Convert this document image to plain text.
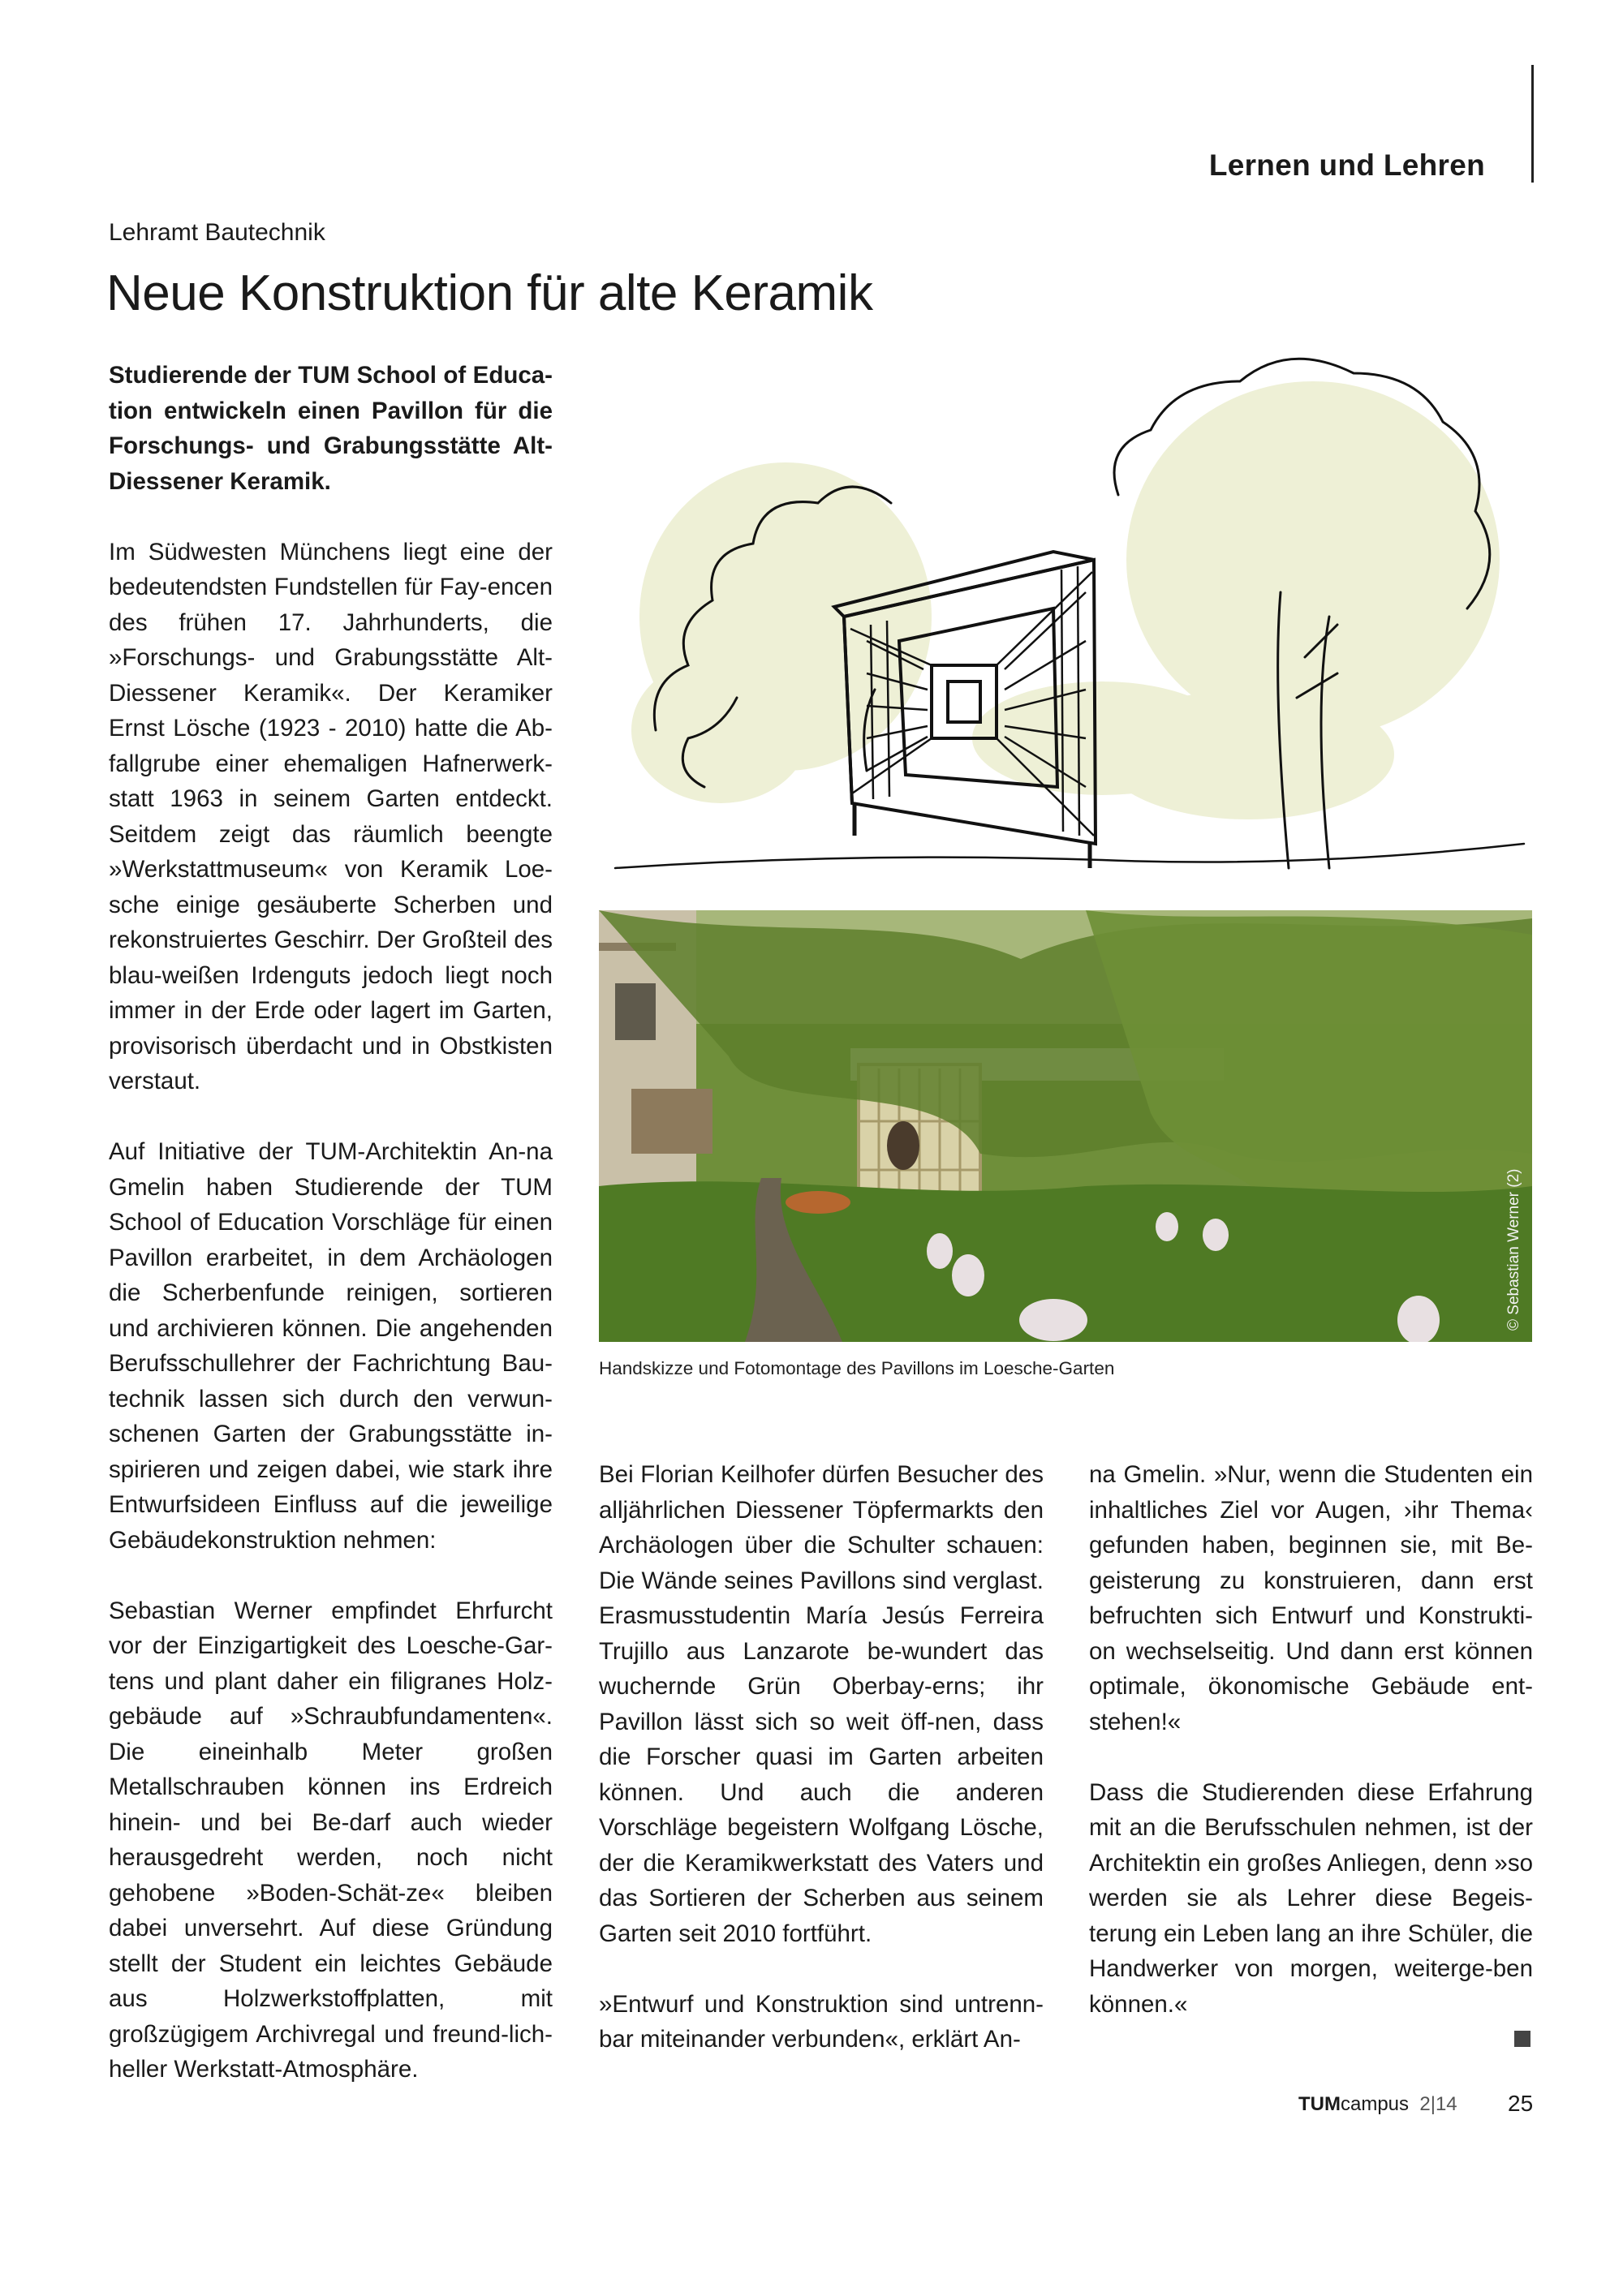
Lernen und Lehren
Lehramt Bautechnik
Neue Konstruktion für alte Keramik

Studierende der TUM School of Educa-tion entwickeln einen Pavillon für die Forschungs- und Grabungsstätte Alt-Diessener Keramik.

Im Südwesten Münchens liegt eine der bedeutendsten Fundstellen für Fay-encen des frühen 17. Jahrhunderts, die »Forschungs- und Grabungsstätte Alt-Diessener Keramik«. Der Keramiker Ernst Lösche (1923 - 2010) hatte die Ab-fallgrube einer ehemaligen Hafnerwerk-statt 1963 in seinem Garten entdeckt. Seitdem zeigt das räumlich beengte »Werkstattmuseum« von Keramik Loe-sche einige gesäuberte Scherben und rekonstruiertes Geschirr. Der Großteil des blau-weißen Irdenguts jedoch liegt noch immer in der Erde oder lagert im Garten, provisorisch überdacht und in Obstkisten verstaut.

Auf Initiative der TUM-Architektin An-na Gmelin haben Studierende der TUM School of Education Vorschläge für einen Pavillon erarbeitet, in dem Archäologen die Scherbenfunde reinigen, sortieren und archivieren können. Die angehenden Berufsschullehrer der Fachrichtung Bau-technik lassen sich durch den verwun-schenen Garten der Grabungsstätte in-spirieren und zeigen dabei, wie stark ihre Entwurfsideen Einfluss auf die jeweilige Gebäudekonstruktion nehmen:

Sebastian Werner empfindet Ehrfurcht vor der Einzigartigkeit des Loesche-Gar-tens und plant daher ein filigranes Holz-gebäude auf »Schraubfundamenten«. Die eineinhalb Meter großen Metallschrauben können ins Erdreich hinein- und bei Be-darf auch wieder herausgedreht werden, noch nicht gehobene »Boden-Schät-ze« bleiben dabei unversehrt. Auf diese Gründung stellt der Student ein leichtes Gebäude aus Holzwerkstoffplatten, mit großzügigem Archivregal und freund-lich-heller Werkstatt-Atmosphäre.

© Sebastian Werner (2)
Handskizze und Fotomontage des Pavillons im Loesche-Garten

Bei Florian Keilhofer dürfen Besucher des alljährlichen Diessener Töpfermarkts den Archäologen über die Schulter schauen: Die Wände seines Pavillons sind verglast. Erasmusstudentin María Jesús Ferreira Trujillo aus Lanzarote be-wundert das wuchernde Grün Oberbay-erns; ihr Pavillon lässt sich so weit öff-nen, dass die Forscher quasi im Garten arbeiten können. Und auch die anderen Vorschläge begeistern Wolfgang Lösche, der die Keramikwerkstatt des Vaters und das Sortieren der Scherben aus seinem Garten seit 2010 fortführt.

»Entwurf und Konstruktion sind untrenn-bar miteinander verbunden«, erklärt An-

na Gmelin. »Nur, wenn die Studenten ein inhaltliches Ziel vor Augen, ›ihr Thema‹ gefunden haben, beginnen sie, mit Be-geisterung zu konstruieren, dann erst befruchten sich Entwurf und Konstrukti-on wechselseitig. Und dann erst können optimale, ökonomische Gebäude ent-stehen!«

Dass die Studierenden diese Erfahrung mit an die Berufsschulen nehmen, ist der Architektin ein großes Anliegen, denn »so werden sie als Lehrer diese Begeis-terung ein Leben lang an ihre Schüler, die Handwerker von morgen, weiterge-ben können.«

TUMcampus 2|14 25
